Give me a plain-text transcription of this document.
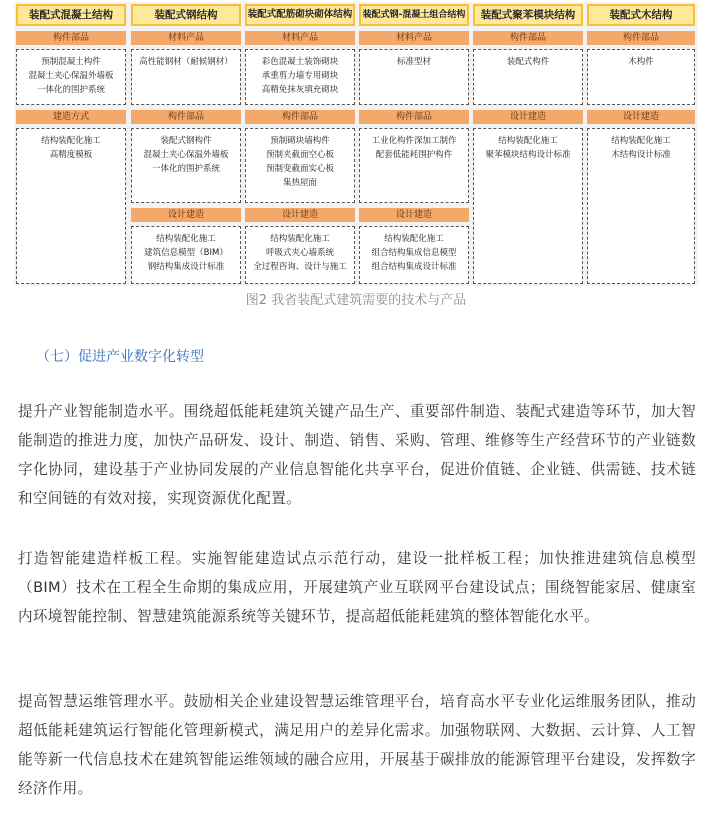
装配式混凝土结构
构件部品
预制混凝土构件
混凝土夹心保温外墙板
一体化的围护系统
建造方式
结构装配化施工
高精度模板
装配式钢结构
材料产品
高性能钢材（耐候钢材）
构件部品
装配式钢构件
混凝土夹心保温外墙板
一体化的围护系统
设计建造
结构装配化施工
建筑信息模型（BIM）
钢结构集成设计标准
装配式配筋砌块砌体结构
材料产品
彩色混凝土装饰砌块
承重剪力墙专用砌块
高精免抹灰填充砌块
构件部品
预制砌块墙构件
预制夹截面空心板
预制变截面实心板
集热屋面
设计建造
结构装配化施工
呼吸式夹心墙系统
全过程咨询、设计与施工
装配式钢-混凝土组合结构
材料产品
标准型材
构件部品
工业化构件深加工制作
配套低能耗围护构件
设计建造
结构装配化施工
组合结构集成信息模型
组合结构集成设计标准
装配式聚苯模块结构
构件部品
装配式构件
设计建造
结构装配化施工
聚苯模块结构设计标准
装配式木结构
构件部品
木构件
设计建造
结构装配化施工
木结构设计标准
图2 我省装配式建筑需要的技术与产品
（七）促进产业数字化转型

提升产业智能制造水平。围绕超低能耗建筑关键产品生产、重要部件制造、装配式建造等环节，加大智能制造的推进力度，加快产品研发、设计、制造、销售、采购、管理、维修等生产经营环节的产业链数字化协同，建设基于产业协同发展的产业信息智能化共享平台，促进价值链、企业链、供需链、技术链和空间链的有效对接，实现资源优化配置。

打造智能建造样板工程。实施智能建造试点示范行动，建设一批样板工程；加快推进建筑信息模型（BIM）技术在工程全生命期的集成应用，开展建筑产业互联网平台建设试点；围绕智能家居、健康室内环境智能控制、智慧建筑能源系统等关键环节，提高超低能耗建筑的整体智能化水平。

提高智慧运维管理水平。鼓励相关企业建设智慧运维管理平台，培育高水平专业化运维服务团队，推动超低能耗建筑运行智能化管理新模式，满足用户的差异化需求。加强物联网、大数据、云计算、人工智能等新一代信息技术在建筑智能运维领域的融合应用，开展基于碳排放的能源管理平台建设，发挥数字经济作用。
